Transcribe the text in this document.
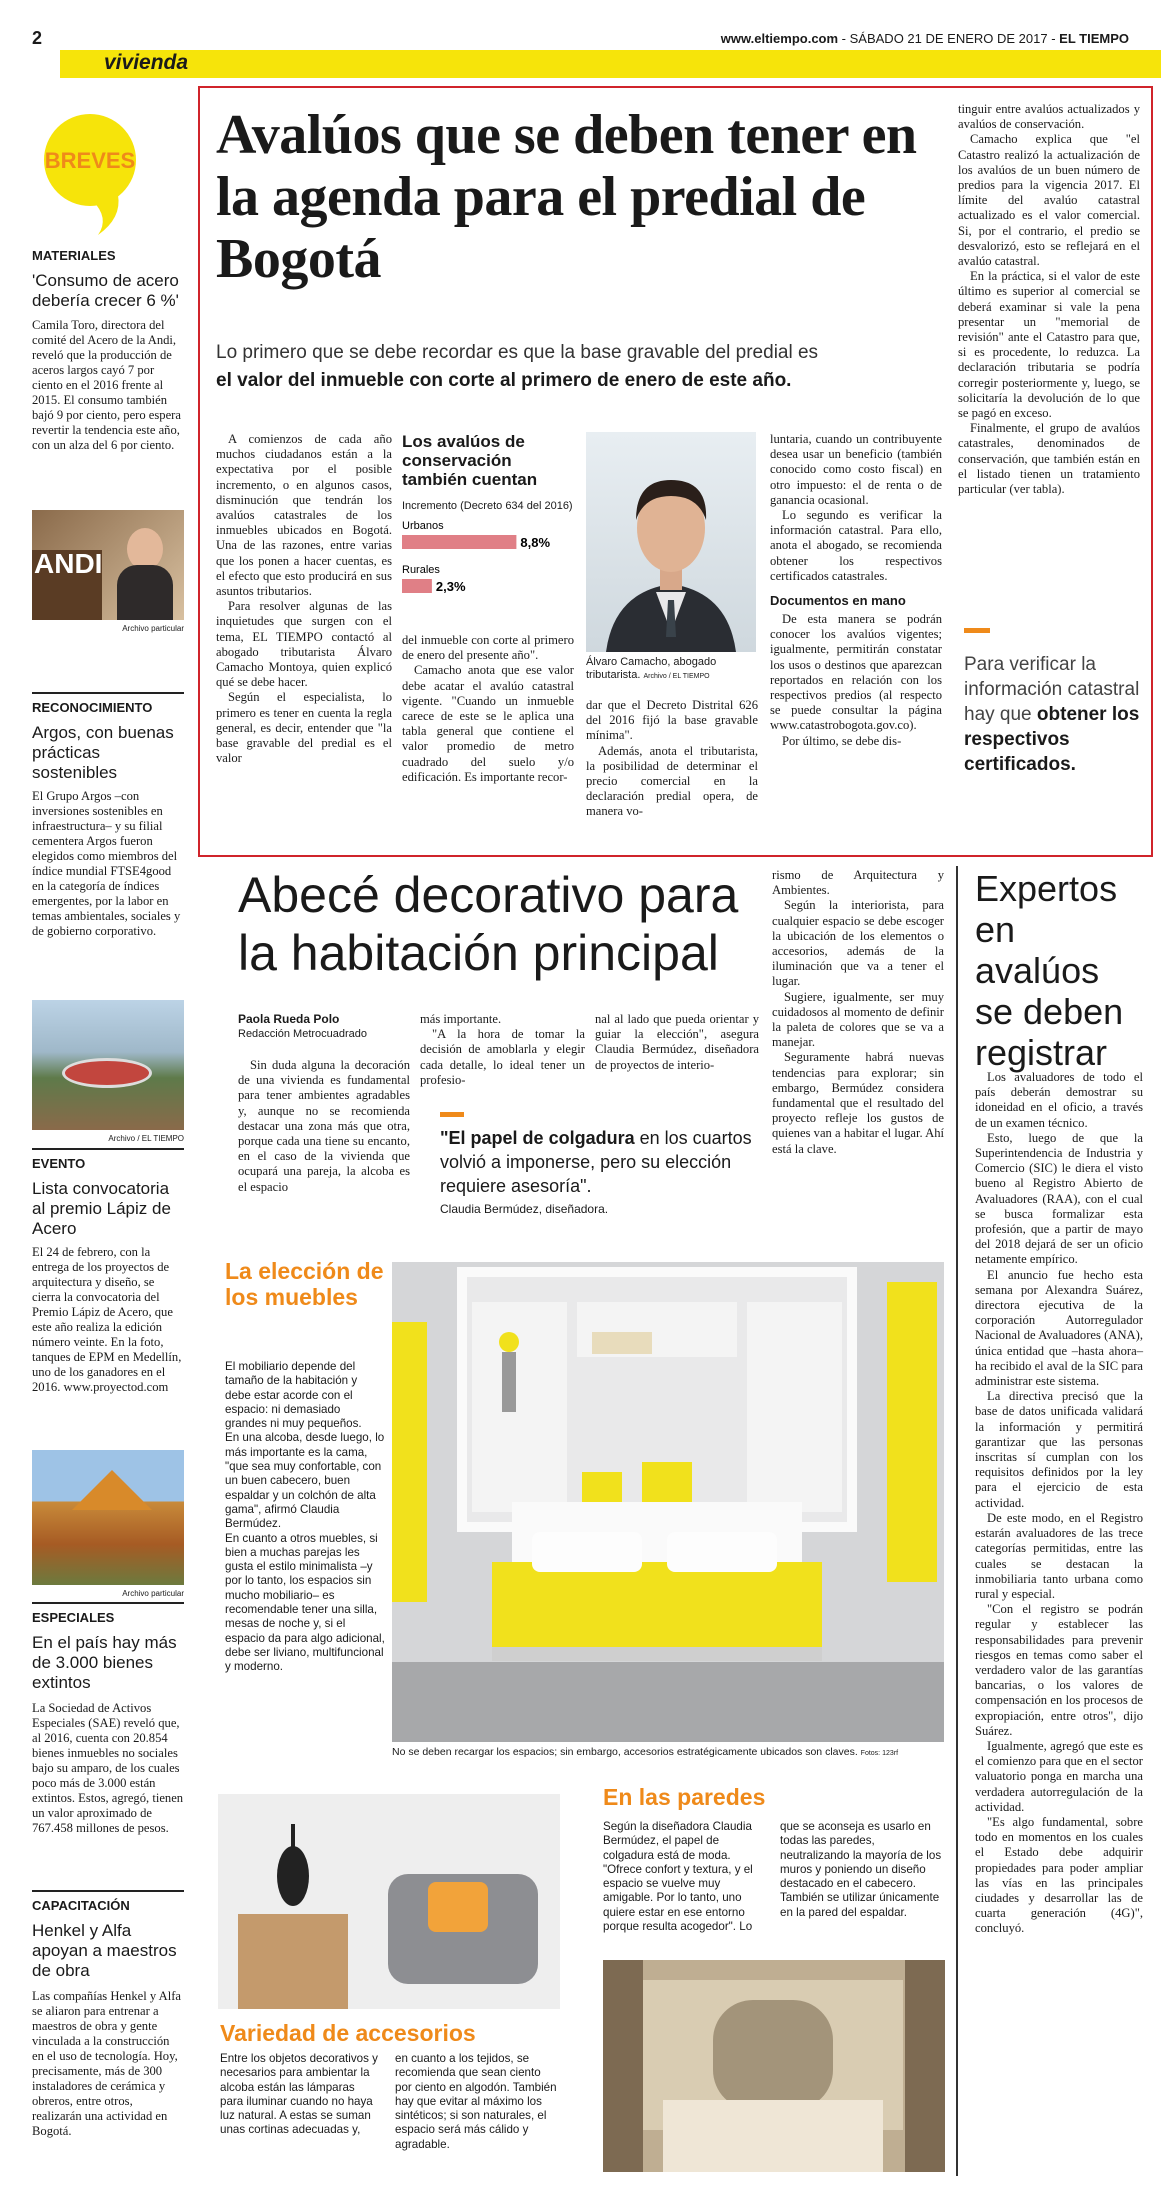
2
vivienda
www.eltiempo.com - SÁBADO 21 DE ENERO DE 2017 - EL TIEMPO
BREVES
MATERIALES
'Consumo de acero debería crecer 6 %'
Camila Toro, directora del comité del Acero de la Andi, reveló que la producción de aceros largos cayó 7 por ciento en el 2016 frente al 2015. El consumo también bajó 9 por ciento, pero espera revertir la tendencia este año, con un alza del 6 por ciento.
ANDI
Archivo particular
RECONOCIMIENTO
Argos, con buenas prácticas sostenibles
El Grupo Argos –con inversiones sostenibles en infraestructura– y su filial cementera Argos fueron elegidos como miembros del índice mundial FTSE4good en la categoría de índices emergentes, por la labor en temas ambientales, sociales y de gobierno corporativo.
Archivo / EL TIEMPO
EVENTO
Lista convocatoria al premio Lápiz de Acero
El 24 de febrero, con la entrega de los proyectos de arquitectura y diseño, se cierra la convocatoria del Premio Lápiz de Acero, que este año realiza la edición número veinte. En la foto, tanques de EPM en Medellín, uno de los ganadores en el 2016. www.proyectod.com
Archivo particular
ESPECIALES
En el país hay más de 3.000 bienes extintos
La Sociedad de Activos Especiales (SAE) reveló que, al 2016, cuenta con 20.854 bienes inmuebles no sociales bajo su amparo, de los cuales poco más de 3.000 están extintos. Estos, agregó, tienen un valor aproximado de 767.458 millones de pesos.
CAPACITACIÓN
Henkel y Alfa apoyan a maestros de obra
Las compañías Henkel y Alfa se aliaron para entrenar a maestros de obra y gente vinculada a la construcción en el uso de tecnología. Hoy, precisamente, más de 300 instaladores de cerámica y obreros, entre otros, realizarán una actividad en Bogotá.
Avalúos que se deben tener en la agenda para el predial de Bogotá
Lo primero que se debe recordar es que la base gravable del predial es
el valor del inmueble con corte al primero de enero de este año.

A comienzos de cada año muchos ciudadanos están a la expectativa por el posible incremento, o en algunos casos, disminución que tendrán los avalúos catastrales de los inmuebles ubicados en Bogotá. Una de las razones, entre varias que los ponen a hacer cuentas, es el efecto que esto producirá en sus asuntos tributarios.

Para resolver algunas de las inquietudes que surgen con el tema, EL TIEMPO contactó al abogado tributarista Álvaro Camacho Montoya, quien explicó qué se debe hacer.

Según el especialista, lo primero es tener en cuenta la regla general, es decir, entender que "la base gravable del predial es el valor

Los avalúos de conservación también cuentan
Incremento (Decreto 634 del 2016)
Urbanos
8,8%
Rurales
2,3%

del inmueble con corte al primero de enero del presente año".

Camacho anota que ese valor debe acatar el avalúo catastral vigente. "Cuando un inmueble carece de este se le aplica una tabla general que contiene el valor promedio de metro cuadrado del suelo y/o edificación. Es importante recor-

Álvaro Camacho, abogado tributarista. Archivo / EL TIEMPO

dar que el Decreto Distrital 626 del 2016 fijó la base gravable mínima".

Además, anota el tributarista, la posibilidad de determinar el precio comercial en la declaración predial opera, de manera vo-

luntaria, cuando un contribuyente desea usar un beneficio (también conocido como costo fiscal) en otro impuesto: el de renta o de ganancia ocasional.

Lo segundo es verificar la información catastral. Para ello, anota el abogado, se recomienda obtener los respectivos certificados catastrales.

Documentos en mano

De esta manera se podrán conocer los avalúos vigentes; igualmente, permitirán constatar los usos o destinos que aparezcan reportados en relación con los respectivos predios (al respecto se puede consultar la página www.catastrobogota.gov.co).

Por último, se debe dis-

tinguir entre avalúos actualizados y avalúos de conservación.

Camacho explica que "el Catastro realizó la actualización de los avalúos de un buen número de predios para la vigencia 2017. El límite del avalúo catastral actualizado es el valor comercial. Si, por el contrario, el predio se desvalorizó, esto se reflejará en el avalúo catastral.

En la práctica, si el valor de este último es superior al comercial se deberá examinar si vale la pena presentar un "memorial de revisión" ante el Catastro para que, si es procedente, lo reduzca. La declaración tributaria se podría corregir posteriormente y, luego, se solicitaría la devolución de lo que se pagó en exceso.

Finalmente, el grupo de avalúos catastrales, denominados de conservación, que también están en el listado tienen un tratamiento particular (ver tabla).

Para verificar la información catastral hay que obtener los respectivos certificados.
Abecé decorativo para
la habitación principal
Paola Rueda Polo
Redacción Metrocuadrado

Sin duda alguna la decoración de una vivienda es fundamental para tener ambientes agradables y, aunque no se recomienda destacar una zona más que otra, porque cada una tiene su encanto, en el caso de la vivienda que ocupará una pareja, la alcoba es el espacio

más importante.

"A la hora de tomar la decisión de amoblarla y elegir cada detalle, lo ideal tener un profesio-

nal al lado que pueda orientar y guiar la elección", asegura Claudia Bermúdez, diseñadora de proyectos de interio-

"El papel de colgadura en los cuartos volvió a imponerse, pero su elección requiere asesoría".
Claudia Bermúdez, diseñadora.

rismo de Arquitectura y Ambientes.

Según la interiorista, para cualquier espacio se debe escoger la ubicación de los elementos o accesorios, además de la iluminación que va a tener el lugar.

Sugiere, igualmente, ser muy cuidadosos al momento de definir la paleta de colores que se va a manejar.

Seguramente habrá nuevas tendencias para explorar; sin embargo, Bermúdez considera fundamental que el resultado del proyecto refleje los gustos de quienes van a habitar el lugar. Ahí está la clave.

La elección de los muebles
El mobiliario depende del tamaño de la habitación y debe estar acorde con el espacio: ni demasiado grandes ni muy pequeños.
En una alcoba, desde luego, lo más importante es la cama, "que sea muy confortable, con un buen cabecero, buen espaldar y un colchón de alta gama", afirmó Claudia Bermúdez.
En cuanto a otros muebles, si bien a muchas parejas les gusta el estilo minimalista –y por lo tanto, los espacios sin mucho mobiliario– es recomendable tener una silla, mesas de noche y, si el espacio da para algo adicional, debe ser liviano, multifuncional y moderno.
No se deben recargar los espacios; sin embargo, accesorios estratégicamente ubicados son claves. Fotos: 123rf
Variedad de accesorios
Entre los objetos decorativos y necesarios para ambientar la alcoba están las lámparas para iluminar cuando no haya luz natural. A estas se suman unas cortinas adecuadas y,
en cuanto a los tejidos, se recomienda que sean ciento por ciento en algodón. También hay que evitar al máximo los sintéticos; si son naturales, el espacio será más cálido y agradable.
En las paredes
Según la diseñadora Claudia Bermúdez, el papel de colgadura está de moda. "Ofrece confort y textura, y el espacio se vuelve muy amigable. Por lo tanto, uno quiere estar en ese entorno porque resulta acogedor". Lo
que se aconseja es usarlo en todas las paredes, neutralizando la mayoría de los muros y poniendo un diseño destacado en el cabecero. También se utilizar únicamente en la pared del espaldar.
Expertos en avalúos se deben registrar

Los avaluadores de todo el país deberán demostrar su idoneidad en el oficio, a través de un examen técnico.

Esto, luego de que la Superintendencia de Industria y Comercio (SIC) le diera el visto bueno al Registro Abierto de Avaluadores (RAA), con el cual se busca formalizar esta profesión, que a partir de mayo del 2018 dejará de ser un oficio netamente empírico.

El anuncio fue hecho esta semana por Alexandra Suárez, directora ejecutiva de la corporación Autorregulador Nacional de Avaluadores (ANA), única entidad que –hasta ahora– ha recibido el aval de la SIC para administrar este sistema.

La directiva precisó que la base de datos unificada validará la información y permitirá garantizar que las personas inscritas sí cumplan con los requisitos definidos por la ley para el ejercicio de esta actividad.

De este modo, en el Registro estarán avaluadores de las trece categorías permitidas, entre las cuales se destacan la inmobiliaria tanto urbana como rural y especial.

"Con el registro se podrán regular y establecer las responsabilidades para prevenir riesgos en temas como saber el verdadero valor de las garantías bancarias, o los valores de compensación en los procesos de expropiación, entre otros", dijo Suárez.

Igualmente, agregó que este es el comienzo para que en el sector valuatorio ponga en marcha una verdadera autorregulación de la actividad.

"Es algo fundamental, sobre todo en momentos en los cuales el Estado debe adquirir propiedades para poder ampliar las vías en las principales ciudades y desarrollar las de cuarta generación (4G)", concluyó.
